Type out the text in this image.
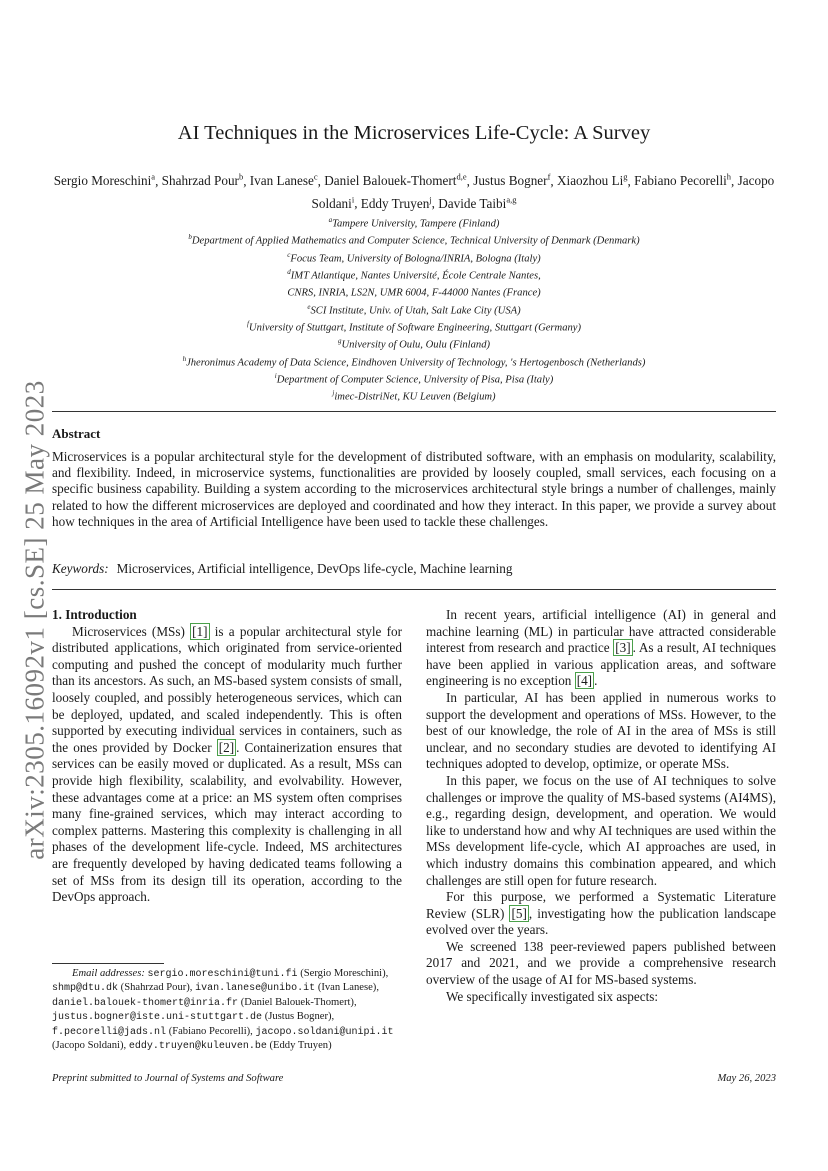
arXiv:2305.16092v1 [cs.SE] 25 May 2023
AI Techniques in the Microservices Life-Cycle: A Survey
Sergio Moreschini$^a$, Shahrzad Pour$^b$, Ivan Lanese$^c$, Daniel Balouek-Thomert$^{d,e}$, Justus Bogner$^f$, Xiaozhou Li$^g$, Fabiano Pecorelli$^h$, Jacopo Soldani$^i$, Eddy Truyen$^j$, Davide Taibi$^{a,g}$
$^a$Tampere University, Tampere (Finland)
$^b$Department of Applied Mathematics and Computer Science, Technical University of Denmark (Denmark)
$^c$Focus Team, University of Bologna/INRIA, Bologna (Italy)
$^d$IMT Atlantique, Nantes Université, École Centrale Nantes,
CNRS, INRIA, LS2N, UMR 6004, F-44000 Nantes (France)
$^e$SCI Institute, Univ. of Utah, Salt Lake City (USA)
$^f$University of Stuttgart, Institute of Software Engineering, Stuttgart (Germany)
$^g$University of Oulu, Oulu (Finland)
$^h$Jheronimus Academy of Data Science, Eindhoven University of Technology, 's Hertogenbosch (Netherlands)
$^i$Department of Computer Science, University of Pisa, Pisa (Italy)
$^j$imec-DistriNet, KU Leuven (Belgium)
Abstract
Microservices is a popular architectural style for the development of distributed software, with an emphasis on modularity, scalability, and flexibility. Indeed, in microservice systems, functionalities are provided by loosely coupled, small services, each focusing on a specific business capability. Building a system according to the microservices architectural style brings a number of challenges, mainly related to how the different microservices are deployed and coordinated and how they interact. In this paper, we provide a survey about how techniques in the area of Artificial Intelligence have been used to tackle these challenges.
Keywords: Microservices, Artificial intelligence, DevOps life-cycle, Machine learning

1. Introduction

Microservices (MSs) [1] is a popular architectural style for distributed applications, which originated from service-oriented computing and pushed the concept of modularity much further than its ancestors. As such, an MS-based system consists of small, loosely coupled, and possibly heterogeneous services, which can be deployed, updated, and scaled independently. This is often supported by executing individual services in containers, such as the ones provided by Docker [2] . Containerization ensures that services can be easily moved or duplicated. As a result, MSs can provide high flexibility, scalability, and evolvability. However, these advantages come at a price: an MS system often comprises many fine-grained services, which may interact according to complex patterns. Mastering this complexity is challenging in all phases of the development life-cycle. Indeed, MS architectures are frequently developed by having dedicated teams following a set of MSs from its design till its operation, according to the DevOps approach.

In recent years, artificial intelligence (AI) in general and machine learning (ML) in particular have attracted considerable interest from research and practice [3] . As a result, AI techniques have been applied in various application areas, and software engineering is no exception [4] .

In particular, AI has been applied in numerous works to support the development and operations of MSs. However, to the best of our knowledge, the role of AI in the area of MSs is still unclear, and no secondary studies are devoted to identifying AI techniques adopted to develop, optimize, or operate MSs.

In this paper, we focus on the use of AI techniques to solve challenges or improve the quality of MS-based systems (AI4MS), e.g., regarding design, development, and operation. We would like to understand how and why AI techniques are used within the MSs development life-cycle, which AI approaches are used, in which industry domains this combination appeared, and which challenges are still open for future research.

For this purpose, we performed a Systematic Literature Review (SLR) [5] , investigating how the publication landscape evolved over the years.

We screened 138 peer-reviewed papers published between 2017 and 2021, and we provide a comprehensive research overview of the usage of AI for MS-based systems.

We specifically investigated six aspects:

Email addresses: sergio.moreschini@tuni.fi (Sergio Moreschini), shmp@dtu.dk (Shahrzad Pour), ivan.lanese@unibo.it (Ivan Lanese), daniel.balouek-thomert@inria.fr (Daniel Balouek-Thomert), justus.bogner@iste.uni-stuttgart.de (Justus Bogner), f.pecorelli@jads.nl (Fabiano Pecorelli), jacopo.soldani@unipi.it (Jacopo Soldani), eddy.truyen@kuleuven.be (Eddy Truyen)
Preprint submitted to Journal of Systems and Software	May 26, 2023
